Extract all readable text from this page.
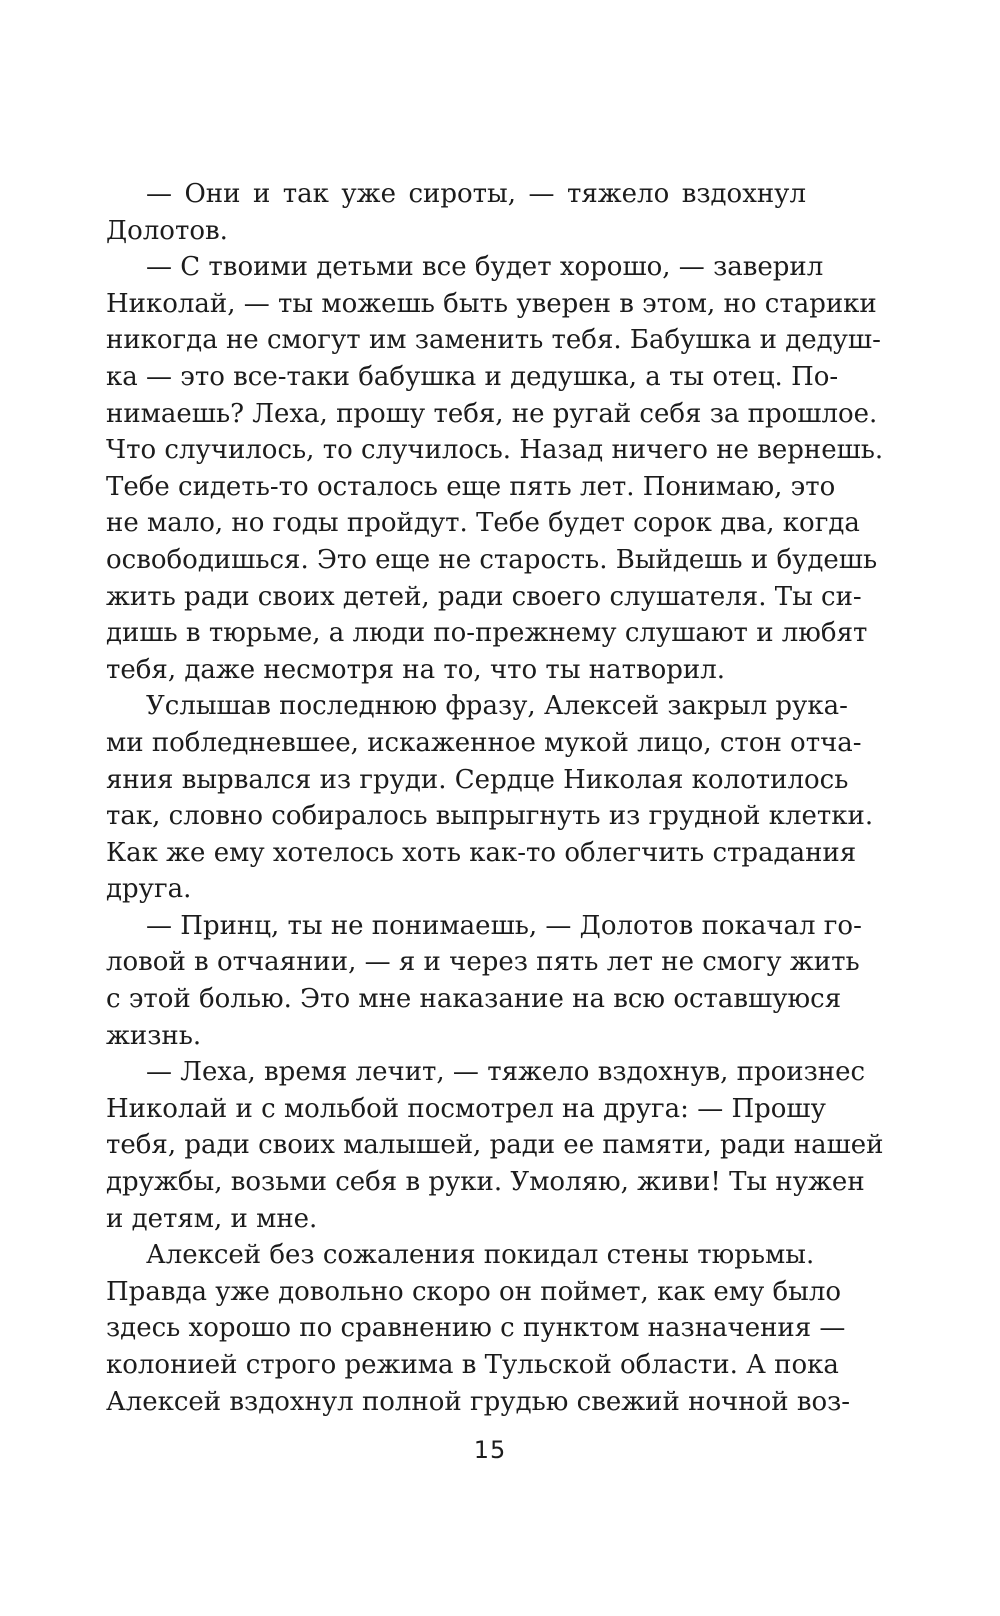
— Они и так уже сироты, — тяжело вздохнул
Долотов.
— С твоими детьми все будет хорошо, — заверил
Николай, — ты можешь быть уверен в этом, но старики
никогда не смогут им заменить тебя. Бабушка и дедуш-
ка — это все-таки бабушка и дедушка, а ты отец. По-
нимаешь? Леха, прошу тебя, не ругай себя за прошлое.
Что случилось, то случилось. Назад ничего не вернешь.
Тебе сидеть-то осталось еще пять лет. Понимаю, это
не мало, но годы пройдут. Тебе будет сорок два, когда
освободишься. Это еще не старость. Выйдешь и будешь
жить ради своих детей, ради своего слушателя. Ты си-
дишь в тюрьме, а люди по-прежнему слушают и любят
тебя, даже несмотря на то, что ты натворил.
Услышав последнюю фразу, Алексей закрыл рука-
ми побледневшее, искаженное мукой лицо, стон отча-
яния вырвался из груди. Сердце Николая колотилось
так, словно собиралось выпрыгнуть из грудной клетки.
Как же ему хотелось хоть как-то облегчить страдания
друга.
— Принц, ты не понимаешь, — Долотов покачал го-
ловой в отчаянии, — я и через пять лет не смогу жить
с этой болью. Это мне наказание на всю оставшуюся
жизнь.
— Леха, время лечит, — тяжело вздохнув, произнес
Николай и с мольбой посмотрел на друга: — Прошу
тебя, ради своих малышей, ради ее памяти, ради нашей
дружбы, возьми себя в руки. Умоляю, живи! Ты нужен
и детям, и мне.
Алексей без сожаления покидал стены тюрьмы.
Правда уже довольно скоро он поймет, как ему было
здесь хорошо по сравнению с пунктом назначения —
колонией строго режима в Тульской области. А пока
Алексей вздохнул полной грудью свежий ночной воз-
15
